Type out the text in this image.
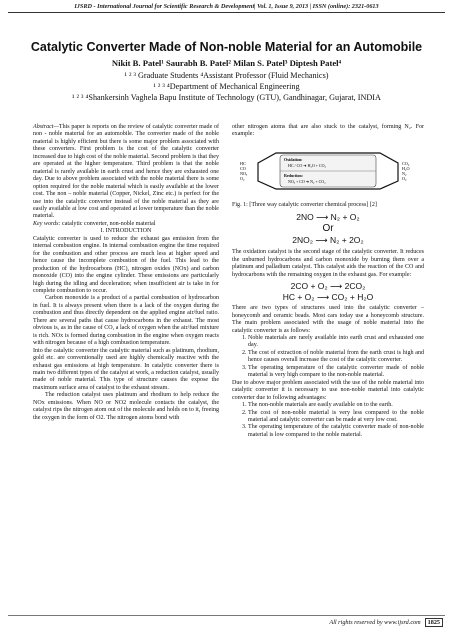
IJSRD - International Journal for Scientific Research & Development| Vol. 1, Issue 9, 2013 | ISSN (online): 2321-0613
Catalytic Converter Made of Non-noble Material for an Automobile
Nikit B. Patel¹ Saurabh B. Patel² Milan S. Patel³ Diptesh Patel⁴
¹ ² ³ Graduate Students ⁴Assistant Professor (Fluid Mechanics)
¹ ² ³ ⁴Department of Mechanical Engineering
¹ ² ³ ⁴Shankersinh Vaghela Bapu Institute of Technology (GTU), Gandhinagar, Gujarat, INDIA

Abstract—This paper is reports on the review of catalytic converter made of non - noble material for an automobile. The converter made of the noble material is highly efficient but there is some major problem associated with these converters. First problem is the cost of the catalytic converter increased due to high cost of the noble material. Second problem is that they are operated at the higher temperature. Third problem is that the noble material is rarely available in earth crust and hence they are exhausted one day. Due to above problem associated with the noble material there is some option required for the noble material which is easily available at the lower cost. The non – noble material (Copper, Nickel, Zinc etc.) is perfect for the use into the catalytic converter instead of the noble material as they are easily available at low cost and operated at lower temperature than the noble material.

Key words: catalytic converter, non-noble material

I. INTRODUCTION

Catalytic converter is used to reduce the exhaust gas emission from the internal combustion engine. In internal combustion engine the time required for the combustion and other process are much less at higher speed and hence cause the incomplete combustion of the fuel. This lead to the production of the hydrocarbons (HC), nitrogen oxides (NOx) and carbon monoxide (CO) into the engine cylinder. These emissions are particularly high during the idling and deceleration; when insufficient air is take in for complete combustion to occur.

Carbon monoxide is a product of a partial combustion of hydrocarbon in fuel. It is always present when there is a lack of the oxygen during the combustion and thus directly dependent on the applied engine air/fuel ratio. There are several paths that cause hydrocarbons in the exhaust. The most obvious is, as in the cause of CO, a lack of oxygen when the air/fuel mixture is rich. NOx is formed during combustion in the engine when oxygen reacts with nitrogen because of a high combustion temperature.

Into the catalytic converter the catalytic material such as platinum, rhodium, gold etc. are conventionally used are highly chemically reactive with the exhaust gas emissions at high temperature. In catalytic converter there is main two different types of the catalyst at work, a reduction catalyst, usually made of noble material. This type of structure causes the expose the maximum surface area of catalyst to the exhaust stream.

The reduction catalyst uses platinum and rhodium to help reduce the NOx emissions. When NO or NO2 molecule contacts the catalyst, the catalyst rips the nitrogen atom out of the molecule and holds on to it, freeing the oxygen in the form of O2. The nitrogen atoms bond with

other nitrogen atoms that are also stuck to the catalyst, forming N₂. For example:

HC
CO
NOₓ
O₂
CO₂
H₂O
N₂
O₂
Oxidation:
HC / CO ➜ H₂O + CO₂
Reduction:
NOₓ + CO ➜ N₂ + CO₂

Fig. 1: [Three way catalytic converter chemical process] [2]

2NO ⟶ N₂ + O₂
Or
2NO₂ ⟶ N₂ + 2O₂

The oxidation catalyst is the second stage of the catalytic converter. It reduces the unburned hydrocarbons and carbon monoxide by burning them over a platinum and palladium catalyst. This catalyst aids the reaction of the CO and hydrocarbons with the remaining oxygen in the exhaust gas. For example:

2CO + O₂ ⟶ 2CO₂
HC + O₂ ⟶ CO₂ + H₂O

There are two types of structures used into the catalytic converter – honeycomb and ceramic beads. Most cars today use a honeycomb structure. The main problem associated with the usage of noble material into the catalytic converter is as follows:

1. Noble materials are rarely available into earth crust and exhausted one day.
2. The cost of extraction of noble material from the earth crust is high and hence causes overall increase the cost of the catalytic converter.
3. The operating temperature of the catalytic converter made of noble material is very high compare to the non-noble material.

Due to above major problem associated with the use of the noble material into catalytic converter it is necessary to use non-noble material into catalytic converter due to following advantages:

1. The non-noble materials are easily available on to the earth.
2. The cost of non-noble material is very less compared to the noble material and catalytic converter can be made at very low cost.
3. The operating temperature of the catalytic converter made of non-noble material is low compared to the noble material.
All rights reserved by www.ijsrd.com 1825
